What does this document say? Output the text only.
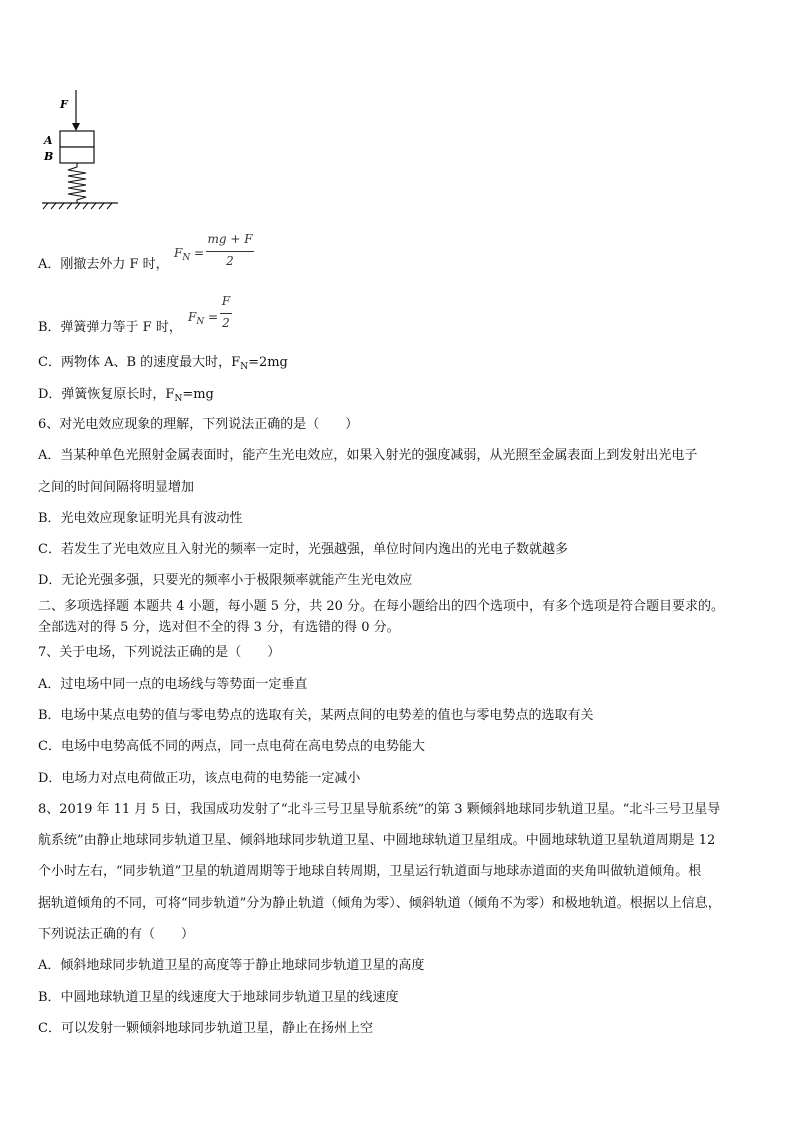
F
A
B
A．刚撤去外力 F 时，
$F_N$ =
mg + F
2
B．弹簧弹力等于 F 时，
$F_N$ =
F
2
C．两物体 A、B 的速度最大时，$F_N=2mg$
D．弹簧恢复原长时，$F_N=mg$
6、对光电效应现象的理解，下列说法正确的是（　　）
A．当某种单色光照射金属表面时，能产生光电效应，如果入射光的强度减弱，从光照至金属表面上到发射出光电子
之间的时间间隔将明显增加
B．光电效应现象证明光具有波动性
C．若发生了光电效应且入射光的频率一定时，光强越强，单位时间内逸出的光电子数就越多
D．无论光强多强，只要光的频率小于极限频率就能产生光电效应
二、多项选择题 本题共 4 小题，每小题 5 分，共 20 分。在每小题给出的四个选项中，有多个选项是符合题目要求的。
全部选对的得 5 分，选对但不全的得 3 分，有选错的得 0 分。
7、关于电场，下列说法正确的是（　　）
A．过电场中同一点的电场线与等势面一定垂直
B．电场中某点电势的值与零电势点的选取有关，某两点间的电势差的值也与零电势点的选取有关
C．电场中电势高低不同的两点，同一点电荷在高电势点的电势能大
D．电场力对点电荷做正功，该点电荷的电势能一定减小
8、2019 年 11 月 5 日，我国成功发射了“北斗三号卫星导航系统”的第 3 颗倾斜地球同步轨道卫星。“北斗三号卫星导
航系统”由静止地球同步轨道卫星、倾斜地球同步轨道卫星、中圆地球轨道卫星组成。中圆地球轨道卫星轨道周期是 12
个小时左右，“同步轨道”卫星的轨道周期等于地球自转周期，卫星运行轨道面与地球赤道面的夹角叫做轨道倾角。根
据轨道倾角的不同，可将“同步轨道”分为静止轨道（倾角为零）、倾斜轨道（倾角不为零）和极地轨道。根据以上信息，
下列说法正确的有（　　）
A．倾斜地球同步轨道卫星的高度等于静止地球同步轨道卫星的高度
B．中圆地球轨道卫星的线速度大于地球同步轨道卫星的线速度
C．可以发射一颗倾斜地球同步轨道卫星，静止在扬州上空
